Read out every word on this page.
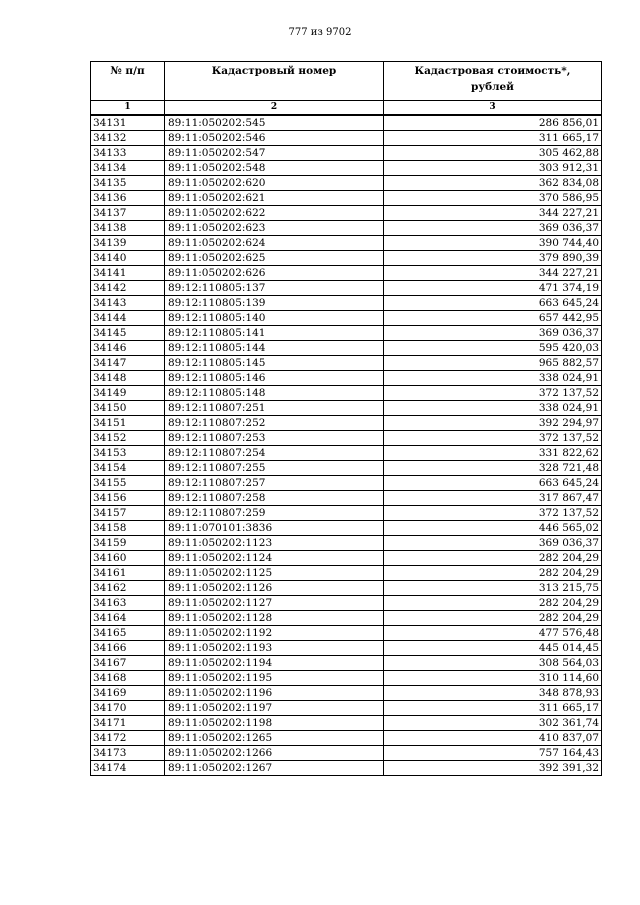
777 из 9702
№ п/п	Кадастровый номер	Кадастровая стоимость*,
рублей

1	2	3
34131	89:11:050202:545	286 856,01
34132	89:11:050202:546	311 665,17
34133	89:11:050202:547	305 462,88
34134	89:11:050202:548	303 912,31
34135	89:11:050202:620	362 834,08
34136	89:11:050202:621	370 586,95
34137	89:11:050202:622	344 227,21
34138	89:11:050202:623	369 036,37
34139	89:11:050202:624	390 744,40
34140	89:11:050202:625	379 890,39
34141	89:11:050202:626	344 227,21
34142	89:12:110805:137	471 374,19
34143	89:12:110805:139	663 645,24
34144	89:12:110805:140	657 442,95
34145	89:12:110805:141	369 036,37
34146	89:12:110805:144	595 420,03
34147	89:12:110805:145	965 882,57
34148	89:12:110805:146	338 024,91
34149	89:12:110805:148	372 137,52
34150	89:12:110807:251	338 024,91
34151	89:12:110807:252	392 294,97
34152	89:12:110807:253	372 137,52
34153	89:12:110807:254	331 822,62
34154	89:12:110807:255	328 721,48
34155	89:12:110807:257	663 645,24
34156	89:12:110807:258	317 867,47
34157	89:12:110807:259	372 137,52
34158	89:11:070101:3836	446 565,02
34159	89:11:050202:1123	369 036,37
34160	89:11:050202:1124	282 204,29
34161	89:11:050202:1125	282 204,29
34162	89:11:050202:1126	313 215,75
34163	89:11:050202:1127	282 204,29
34164	89:11:050202:1128	282 204,29
34165	89:11:050202:1192	477 576,48
34166	89:11:050202:1193	445 014,45
34167	89:11:050202:1194	308 564,03
34168	89:11:050202:1195	310 114,60
34169	89:11:050202:1196	348 878,93
34170	89:11:050202:1197	311 665,17
34171	89:11:050202:1198	302 361,74
34172	89:11:050202:1265	410 837,07
34173	89:11:050202:1266	757 164,43
34174	89:11:050202:1267	392 391,32
